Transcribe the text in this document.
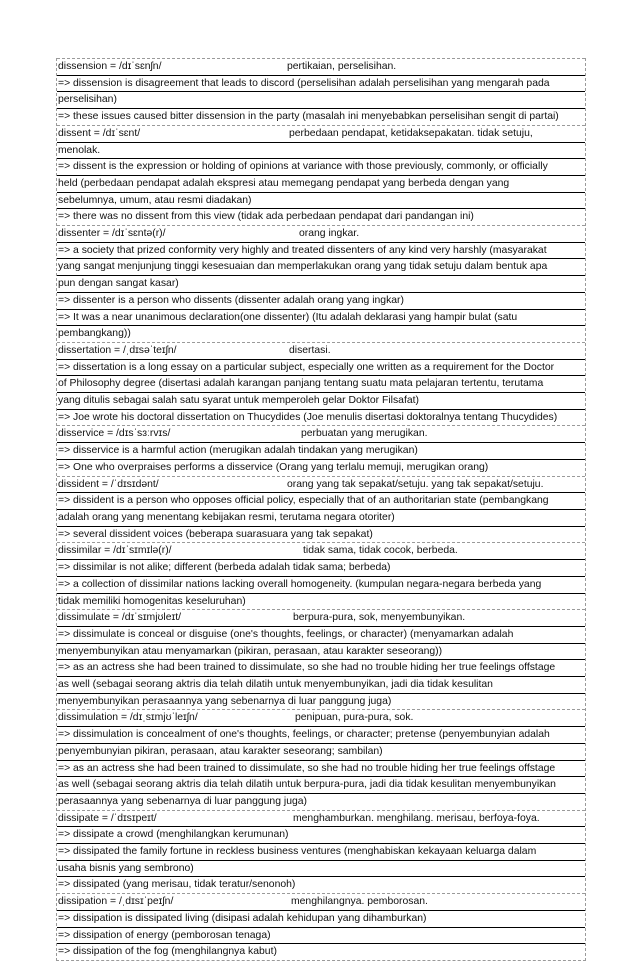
dissension = /dɪˈsɛnʃn/	pertikaian, perselisihan.
=> dissension is disagreement that leads to discord (perselisihan adalah perselisihan yang mengarah pada
perselisihan)
=> these issues caused bitter dissension in the party (masalah ini menyebabkan perselisihan sengit di partai)
dissent = /dɪˈsɛnt/	perbedaan pendapat, ketidaksepakatan. tidak setuju,
menolak.
=> dissent is the expression or holding of opinions at variance with those previously, commonly, or officially
held (perbedaan pendapat adalah ekspresi atau memegang pendapat yang berbeda dengan yang
sebelumnya, umum, atau resmi diadakan)
=> there was no dissent from this view (tidak ada perbedaan pendapat dari pandangan ini)
dissenter = /dɪˈsɛntə(r)/	orang ingkar.
=> a society that prized conformity very highly and treated dissenters of any kind very harshly (masyarakat
yang sangat menjunjung tinggi kesesuaian dan memperlakukan orang yang tidak setuju dalam bentuk apa
pun dengan sangat kasar)
=> dissenter is a person who dissents (dissenter adalah orang yang ingkar)
=> It was a near unanimous declaration(one dissenter) (Itu adalah deklarasi yang hampir bulat (satu
pembangkang))
dissertation = /ˌdɪsəˈteɪʃn/	disertasi.
=> dissertation is a long essay on a particular subject, especially one written as a requirement for the Doctor
of Philosophy degree (disertasi adalah karangan panjang tentang suatu mata pelajaran tertentu, terutama
yang ditulis sebagai salah satu syarat untuk memperoleh gelar Doktor Filsafat)
=> Joe wrote his doctoral dissertation on Thucydides (Joe menulis disertasi doktoralnya tentang Thucydides)
disservice = /dɪsˈsɜːrvɪs/	perbuatan yang merugikan.
=> disservice is a harmful action (merugikan adalah tindakan yang merugikan)
=> One who overpraises performs a disservice (Orang yang terlalu memuji, merugikan orang)
dissident = /ˈdɪsɪdənt/	orang yang tak sepakat/setuju. yang tak sepakat/setuju.
=> dissident is a person who opposes official policy, especially that of an authoritarian state (pembangkang
adalah orang yang menentang kebijakan resmi, terutama negara otoriter)
=> several dissident voices (beberapa suarasuara yang tak sepakat)
dissimilar = /dɪˈsɪmɪlə(r)/	tidak sama, tidak cocok, berbeda.
=> dissimilar is not alike; different (berbeda adalah tidak sama; berbeda)
=> a collection of dissimilar nations lacking overall homogeneity. (kumpulan negara-negara berbeda yang
tidak memiliki homogenitas keseluruhan)
dissimulate = /dɪˈsɪmjʊleɪt/	berpura-pura, sok, menyembunyikan.
=> dissimulate is conceal or disguise (one's thoughts, feelings, or character) (menyamarkan adalah
menyembunyikan atau menyamarkan (pikiran, perasaan, atau karakter seseorang))
=> as an actress she had been trained to dissimulate, so she had no trouble hiding her true feelings offstage
as well (sebagai seorang aktris dia telah dilatih untuk menyembunyikan, jadi dia tidak kesulitan
menyembunyikan perasaannya yang sebenarnya di luar panggung juga)
dissimulation = /dɪˌsɪmjʊˈleɪʃn/	penipuan, pura-pura, sok.
=> dissimulation is concealment of one's thoughts, feelings, or character; pretense (penyembunyian adalah
penyembunyian pikiran, perasaan, atau karakter seseorang; sambilan)
=> as an actress she had been trained to dissimulate, so she had no trouble hiding her true feelings offstage
as well (sebagai seorang aktris dia telah dilatih untuk berpura-pura, jadi dia tidak kesulitan menyembunyikan
perasaannya yang sebenarnya di luar panggung juga)
dissipate = /ˈdɪsɪpeɪt/	menghamburkan. menghilang. merisau, berfoya-foya.
=> dissipate a crowd (menghilangkan kerumunan)
=> dissipated the family fortune in reckless business ventures (menghabiskan kekayaan keluarga dalam
usaha bisnis yang sembrono)
=> dissipated (yang merisau, tidak teratur/senonoh)
dissipation = /ˌdɪsɪˈpeɪʃn/	menghilangnya. pemborosan.
=> dissipation is dissipated living (disipasi adalah kehidupan yang dihamburkan)
=> dissipation of energy (pemborosan tenaga)
=> dissipation of the fog (menghilangnya kabut)
